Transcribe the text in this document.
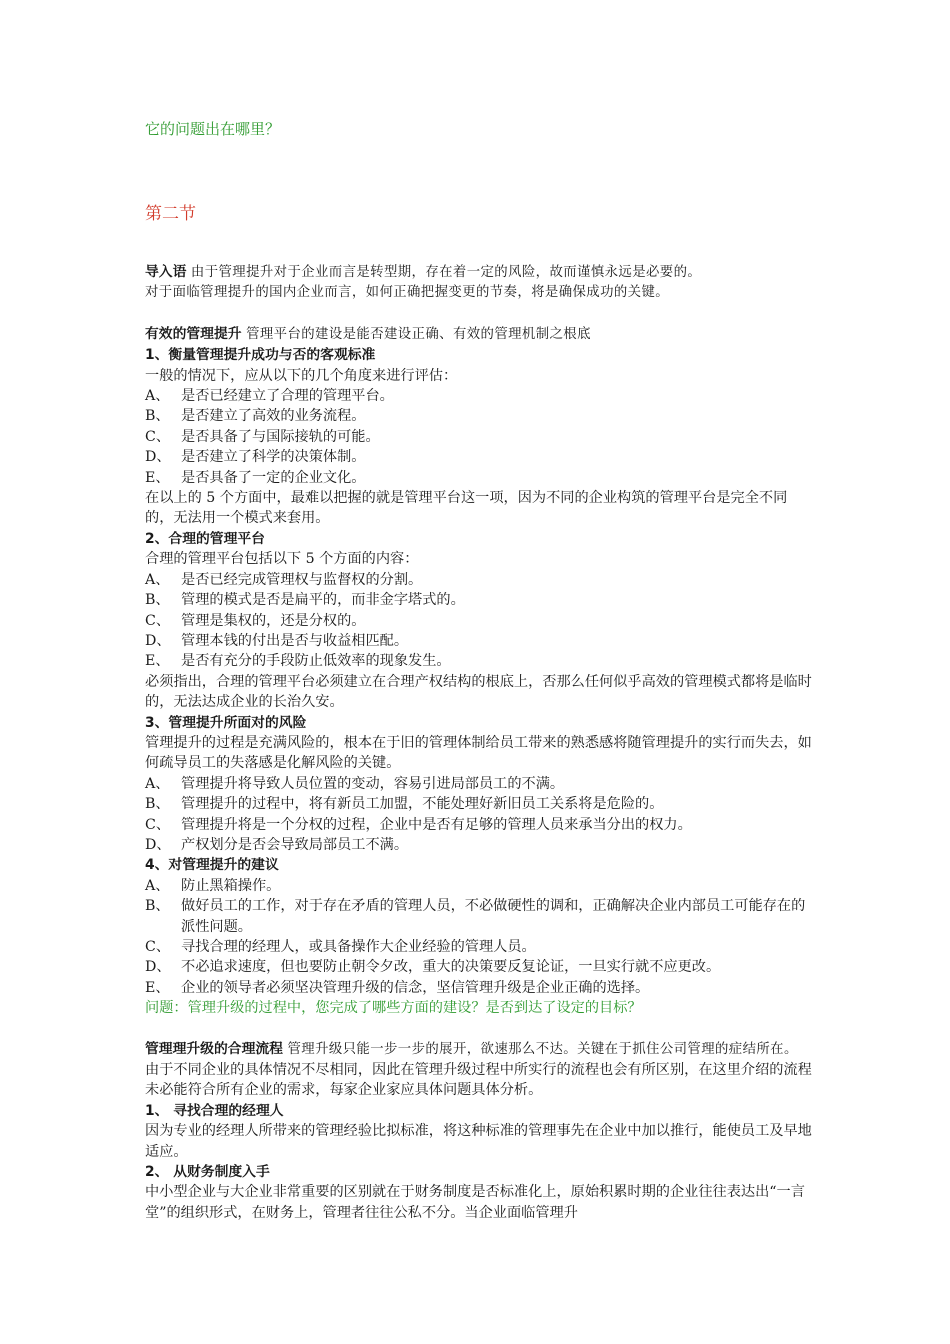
它的问题出在哪里？
第二节

导入语 由于管理提升对于企业而言是转型期，存在着一定的风险，故而谨慎永远是必要的。

对于面临管理提升的国内企业而言，如何正确把握变更的节奏，将是确保成功的关键。

有效的管理提升 管理平台的建设是能否建设正确、有效的管理机制之根底

1、衡量管理提升成功与否的客观标准

一般的情况下，应从以下的几个角度来进行评估：

A、 是否已经建立了合理的管理平台。

B、 是否建立了高效的业务流程。

C、 是否具备了与国际接轨的可能。

D、 是否建立了科学的决策体制。

E、 是否具备了一定的企业文化。

在以上的 5 个方面中，最难以把握的就是管理平台这一项，因为不同的企业构筑的管理平台是完全不同的，无法用一个模式来套用。

2、合理的管理平台

合理的管理平台包括以下 5 个方面的内容：

A、 是否已经完成管理权与监督权的分割。

B、 管理的模式是否是扁平的，而非金字塔式的。

C、 管理是集权的，还是分权的。

D、 管理本钱的付出是否与收益相匹配。

E、 是否有充分的手段防止低效率的现象发生。

必须指出，合理的管理平台必须建立在合理产权结构的根底上，否那么任何似乎高效的管理模式都将是临时的，无法达成企业的长治久安。

3、管理提升所面对的风险

管理提升的过程是充满风险的，根本在于旧的管理体制给员工带来的熟悉感将随管理提升的实行而失去，如何疏导员工的失落感是化解风险的关键。

A、 管理提升将导致人员位置的变动，容易引进局部员工的不满。

B、 管理提升的过程中，将有新员工加盟，不能处理好新旧员工关系将是危险的。

C、 管理提升将是一个分权的过程，企业中是否有足够的管理人员来承当分出的权力。

D、 产权划分是否会导致局部员工不满。

4、对管理提升的建议

A、 防止黑箱操作。

B、 做好员工的工作，对于存在矛盾的管理人员，不必做硬性的调和，正确解决企业内部员工可能存在的派性问题。

C、 寻找合理的经理人，或具备操作大企业经验的管理人员。

D、 不必追求速度，但也要防止朝令夕改，重大的决策要反复论证，一旦实行就不应更改。

E、 企业的领导者必须坚决管理升级的信念，坚信管理升级是企业正确的选择。

问题：管理升级的过程中，您完成了哪些方面的建设？是否到达了设定的目标？

管理理升级的合理流程 管理升级只能一步一步的展开，欲速那么不达。关键在于抓住公司管理的症结所在。

由于不同企业的具体情况不尽相同，因此在管理升级过程中所实行的流程也会有所区别，在这里介绍的流程未必能符合所有企业的需求，每家企业家应具体问题具体分析。

1、 寻找合理的经理人

因为专业的经理人所带来的管理经验比拟标准，将这种标准的管理事先在企业中加以推行，能使员工及早地适应。

2、 从财务制度入手

中小型企业与大企业非常重要的区别就在于财务制度是否标准化上，原始积累时期的企业往往表达出“一言堂”的组织形式，在财务上，管理者往往公私不分。当企业面临管理升
